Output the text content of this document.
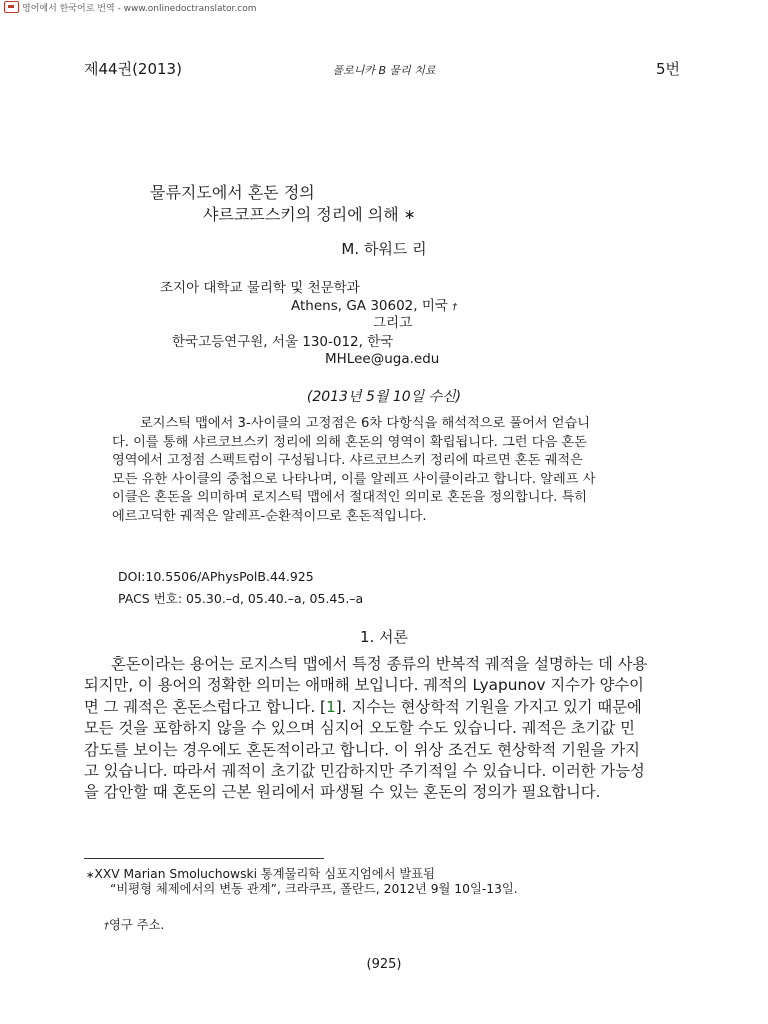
영어에서 한국어로 번역 - www.onlinedoctranslator.com
제44권(2013)	폴로니카 B 물리 치료	5번
물류지도에서 혼돈 정의
샤르코프스키의 정리에 의해 ∗
M. 하워드 리
조지아 대학교 물리학 및 천문학과
Athens, GA 30602, 미국 †
그리고
한국고등연구원, 서울 130-012, 한국
MHLee@uga.edu
(2013년 5월 10일 수신)
로지스틱 맵에서 3-사이클의 고정점은 6차 다항식을 해석적으로 풀어서 얻습니
다. 이를 통해 샤르코브스키 정리에 의해 혼돈의 영역이 확립됩니다. 그런 다음 혼돈
영역에서 고정점 스펙트럼이 구성됩니다. 샤르코브스키 정리에 따르면 혼돈 궤적은
모든 유한 사이클의 중첩으로 나타나며, 이를 알레프 사이클이라고 합니다. 알레프 사
이클은 혼돈을 의미하며 로지스틱 맵에서 절대적인 의미로 혼돈을 정의합니다. 특히
에르고딕한 궤적은 알레프-순환적이므로 혼돈적입니다.
DOI:10.5506/APhysPolB.44.925
PACS 번호: 05.30.–d, 05.40.–a, 05.45.–a
1. 서론
혼돈이라는 용어는 로지스틱 맵에서 특정 종류의 반복적 궤적을 설명하는 데 사용
되지만, 이 용어의 정확한 의미는 애매해 보입니다. 궤적의 Lyapunov 지수가 양수이
면 그 궤적은 혼돈스럽다고 합니다. [1]. 지수는 현상학적 기원을 가지고 있기 때문에
모든 것을 포함하지 않을 수 있으며 심지어 오도할 수도 있습니다. 궤적은 초기값 민
감도를 보이는 경우에도 혼돈적이라고 합니다. 이 위상 조건도 현상학적 기원을 가지
고 있습니다. 따라서 궤적이 초기값 민감하지만 주기적일 수 있습니다. 이러한 가능성
을 감안할 때 혼돈의 근본 원리에서 파생될 수 있는 혼돈의 정의가 필요합니다.
∗XXV Marian Smoluchowski 통계물리학 심포지엄에서 발표됨
“비평형 체제에서의 변동 관계”, 크라쿠프, 폴란드, 2012년 9월 10일-13일.
†영구 주소.
(925)
